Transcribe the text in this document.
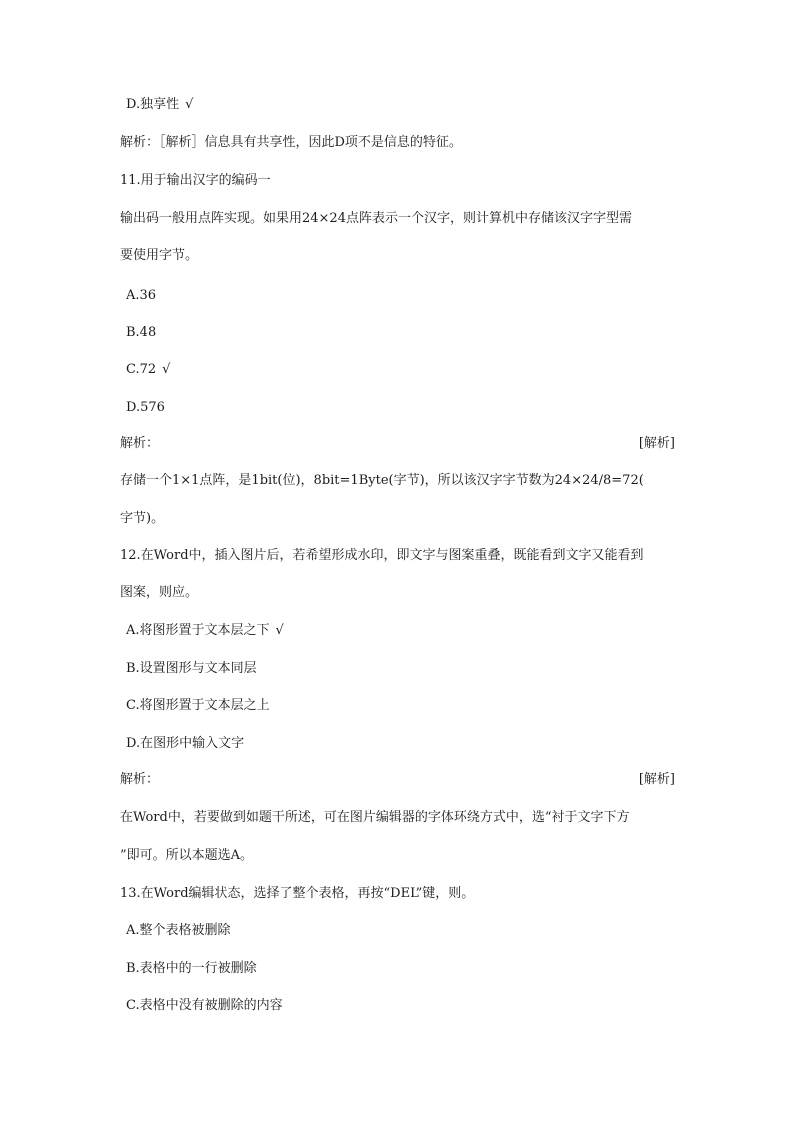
D.独享性 √
解析：［解析］信息具有共享性，因此D项不是信息的特征。
11.用于输出汉字的编码一
输出码一般用点阵实现。如果用24×24点阵表示一个汉字，则计算机中存储该汉字字型需
要使用字节。
A.36
B.48
C.72 √
D.576
解析：	[解析]
存储一个1×1点阵，是1bit(位)，8bit=1Byte(字节)，所以该汉字字节数为24×24/8=72(
字节)。
12.在Word中，插入图片后，若希望形成水印，即文字与图案重叠，既能看到文字又能看到
图案，则应。
A.将图形置于文本层之下 √
B.设置图形与文本同层
C.将图形置于文本层之上
D.在图形中输入文字
解析：	[解析]
在Word中，若要做到如题干所述，可在图片编辑器的字体环绕方式中，选“衬于文字下方
”即可。所以本题选A。
13.在Word编辑状态，选择了整个表格，再按“DEL”键，则。
A.整个表格被删除
B.表格中的一行被删除
C.表格中没有被删除的内容
